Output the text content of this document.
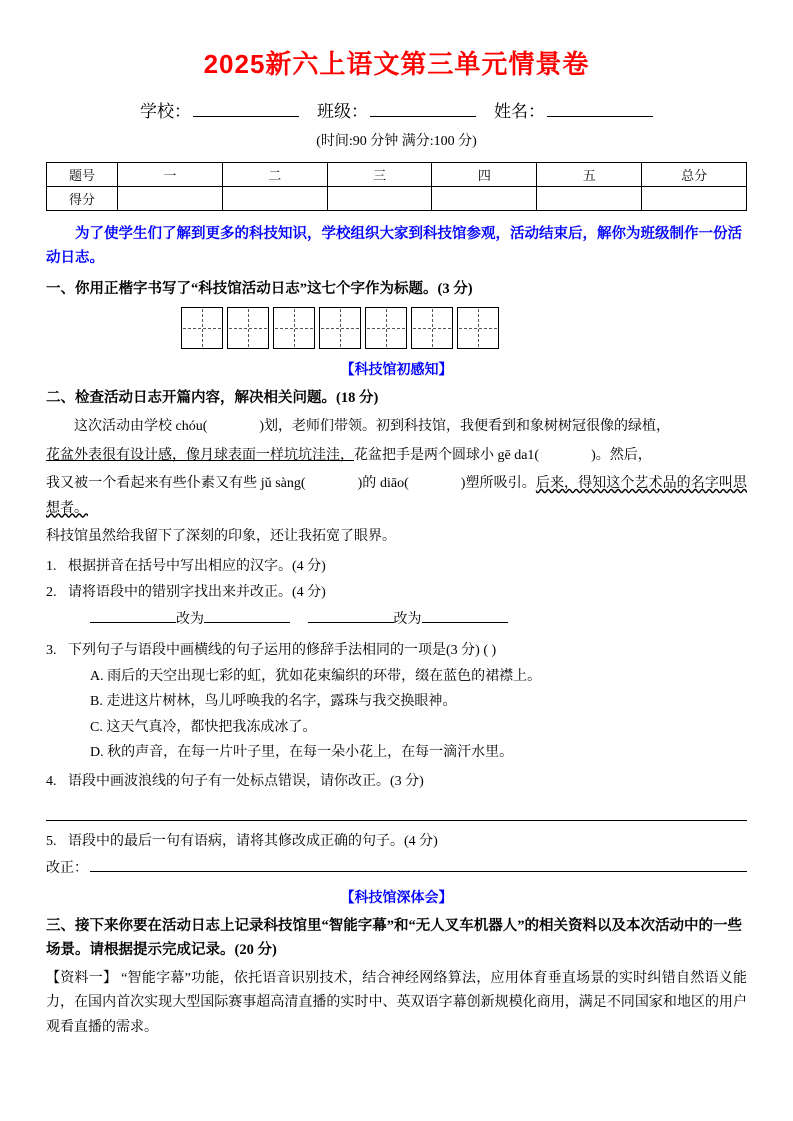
2025新六上语文第三单元情景卷
学校：	班级：	姓名：
(时间:90 分钟 满分:100 分)
题号	一	二	三	四	五	总分
得分						
为了使学生们了解到更多的科技知识，学校组织大家到科技馆参观，活动结束后，解你为班级制作一份活动日志。
一、你用正楷字书写了“科技馆活动日志”这七个字作为标题。(3 分)
【科技馆初感知】
二、检查活动日志开篇内容，解决相关问题。(18 分)
这次活动由学校 chóu(	)划，老师们带领。初到科技馆，我便看到和象树树冠很像的绿植，
花盆外表很有设计感，像月球表面一样坑坑洼洼，花盆把手是两个圆球小 gē da1(	)。然后，
我又被一个看起来有些仆素又有些 jǔ sàng(	)的 diāo(	)塑所吸引。后来，得知这个艺术品的名字叫思想者。
科技馆虽然给我留下了深刻的印象，还让我拓宽了眼界。
1. 根据拼音在括号中写出相应的汉字。(4 分)
2. 请将语段中的错别字找出来并改正。(4 分)
改为	改为
3. 下列句子与语段中画横线的句子运用的修辞手法相同的一项是(3 分) ( )
A. 雨后的天空出现七彩的虹，犹如花束编织的环带，缀在蓝色的裙襟上。
B. 走进这片树林，鸟儿呼唤我的名字，露珠与我交换眼神。
C. 这天气真冷，都快把我冻成冰了。
D. 秋的声音，在每一片叶子里，在每一朵小花上，在每一滴汗水里。
4. 语段中画波浪线的句子有一处标点错误，请你改正。(3 分)
5. 语段中的最后一句有语病，请将其修改成正确的句子。(4 分)
改正：
【科技馆深体会】
三、接下来你要在活动日志上记录科技馆里“智能字幕”和“无人叉车机器人”的相关资料以及本次活动中的一些场景。请根据提示完成记录。(20 分)
【资料一】 “智能字幕”功能，依托语音识别技术，结合神经网络算法，应用体育垂直场景的实时纠错自然语义能力，在国内首次实现大型国际赛事超高清直播的实时中、英双语字幕创新规模化商用，满足不同国家和地区的用户观看直播的需求。
